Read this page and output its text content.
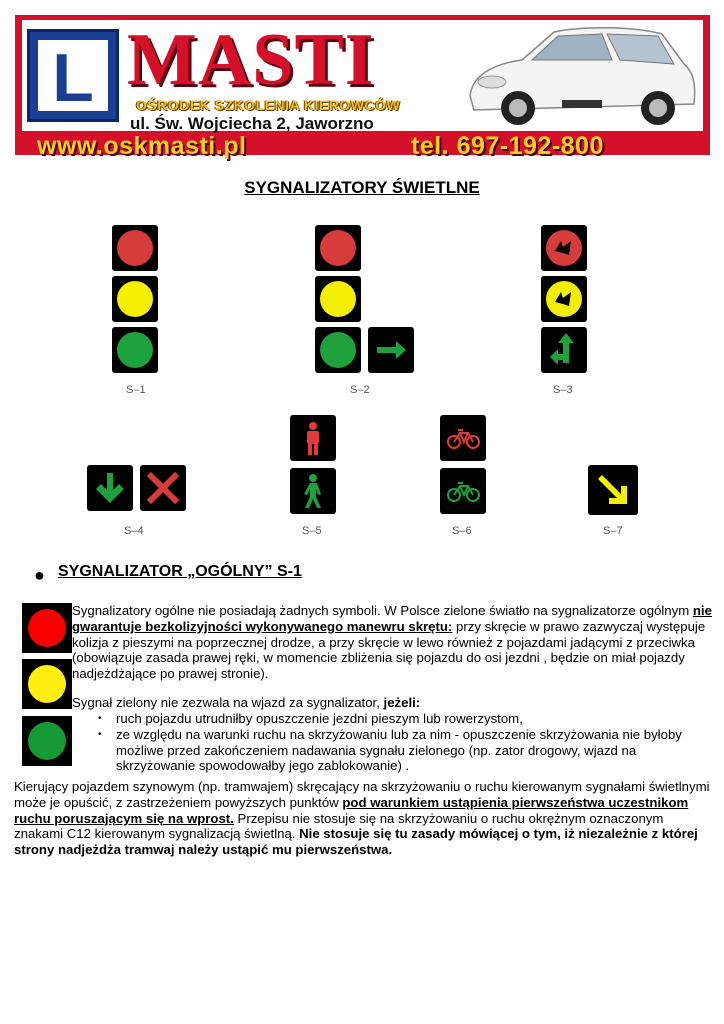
L MASTI
OŚRODEK SZKOLENIA KIEROWCÓW
ul. Św. Wojciecha 2, Jaworzno
www.oskmasti.pl	tel. 697-192-800
SYGNALIZATORY ŚWIETLNE
S–1	S–2	S–3
S–4	S–5	S–6	S–7
● SYGNALIZATOR „OGÓLNY” S-1
Sygnalizatory ogólne nie posiadają żadnych symboli. W Polsce zielone światło na sygnalizatorze ogólnym nie gwarantuje bezkolizyjności wykonywanego manewru skrętu: przy skręcie w prawo zazwyczaj występuje kolizja z pieszymi na poprzecznej drodze, a przy skręcie w lewo również z pojazdami jadącymi z przeciwka (obowiązuje zasada prawej ręki, w momencie zbliżenia się pojazdu do osi jezdni , będzie on miał pojazdy nadjeżdżające po prawej stronie).
Sygnał zielony nie zezwala na wjazd za sygnalizator, jeżeli:
• ruch pojazdu utrudniłby opuszczenie jezdni pieszym lub rowerzystom,
• ze względu na warunki ruchu na skrzyżowaniu lub za nim - opuszczenie skrzyżowania nie byłoby możliwe przed zakończeniem nadawania sygnału zielonego (np. zator drogowy, wjazd na skrzyżowanie spowodowałby jego zablokowanie) .
Kierujący pojazdem szynowym (np. tramwajem) skręcający na skrzyżowaniu o ruchu kierowanym sygnałami świetlnymi może je opuścić, z zastrzeżeniem powyższych punktów pod warunkiem ustąpienia pierwszeństwa uczestnikom ruchu poruszającym się na wprost. Przepisu nie stosuje się na skrzyżowaniu o ruchu okrężnym oznaczonym znakami C12 kierowanym sygnalizacją świetlną. Nie stosuje się tu zasady mówiącej o tym, iż niezależnie z której strony nadjeżdża tramwaj należy ustąpić mu pierwszeństwa.
